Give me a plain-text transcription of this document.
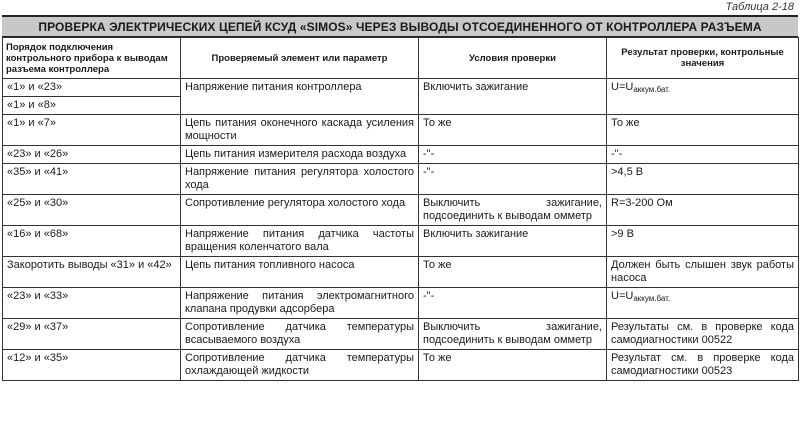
Таблица 2-18
ПРОВЕРКА ЭЛЕКТРИЧЕСКИХ ЦЕПЕЙ КСУД «SIMOS» ЧЕРЕЗ ВЫВОДЫ ОТСОЕДИНЕННОГО ОТ КОНТРОЛЛЕРА РАЗЪЕМА
Порядок подключения контрольного прибора к выводам разъема контроллера	Проверяемый элемент или параметр	Условия проверки	Результат проверки, контрольные значения
«1» и «23»	Напряжение питания контроллера	Включить зажигание	$U=U_{аккум.бат.}$
«1» и «8»			
«1» и «7»	Цепь питания оконечного каскада усиления мощности	То же	То же
«23» и «26»	Цепь питания измерителя расхода воздуха	-"-	-"-
«35» и «41»	Напряжение питания регулятора холостого хода	-"-	>4,5 В
«25» и «30»	Сопротивление регулятора холостого хода	Выключить зажигание, подсоединить к выводам омметр	R=3-200 Ом
«16» и «68»	Напряжение питания датчика частоты вращения коленчатого вала	Включить зажигание	>9 В
Закоротить выводы «31» и «42»	Цепь питания топливного насоса	То же	Должен быть слышен звук работы насоса
«23» и «33»	Напряжение питания электромагнитного клапана продувки адсорбера	-"-	$U=U_{аккум.бат.}$
«29» и «37»	Сопротивление датчика температуры всасываемого воздуха	Выключить зажигание, подсоединить к выводам омметр	Результаты см. в проверке кода самодиагностики 00522
«12» и «35»	Сопротивление датчика температуры охлаждающей жидкости	То же	Результат см. в проверке кода самодиагностики 00523
